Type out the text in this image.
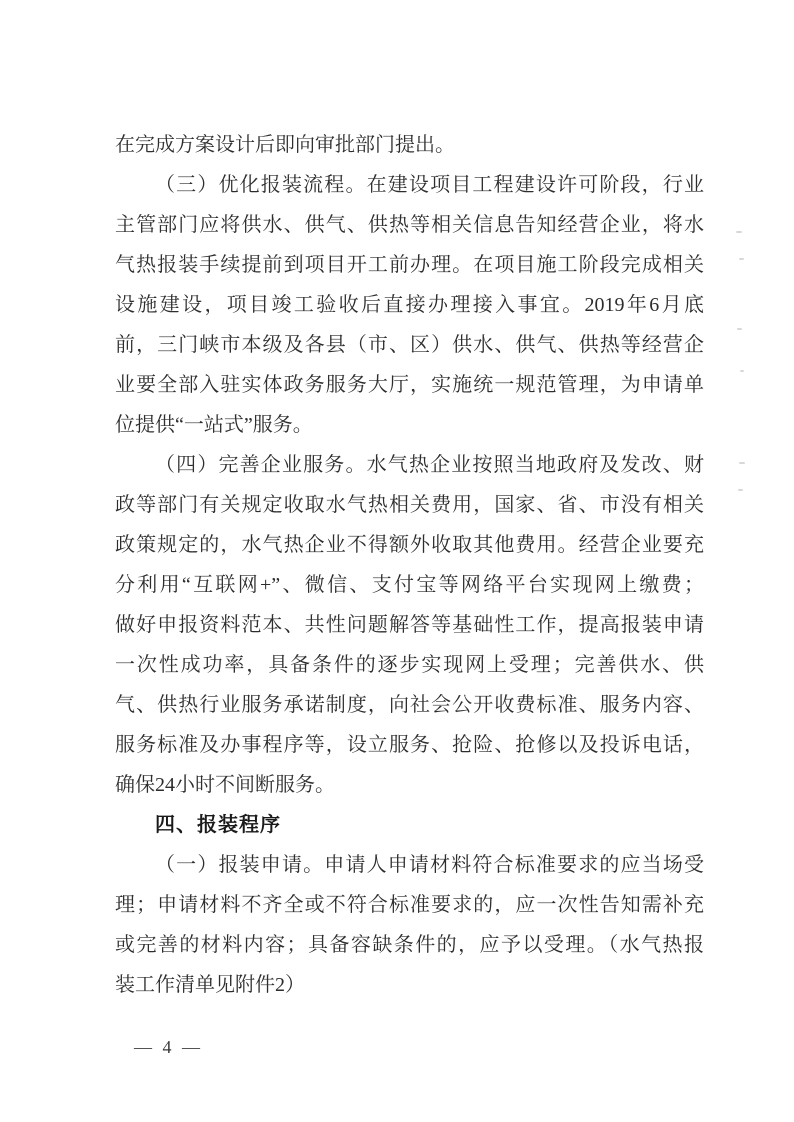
在完成方案设计后即向审批部门提出。
（三）优化报装流程。在建设项目工程建设许可阶段，行业
主管部门应将供水、供气、供热等相关信息告知经营企业，将水
气热报装手续提前到项目开工前办理。在项目施工阶段完成相关
设施建设，项目竣工验收后直接办理接入事宜。2019年6月底
前，三门峡市本级及各县（市、区）供水、供气、供热等经营企
业要全部入驻实体政务服务大厅，实施统一规范管理，为申请单
位提供“一站式”服务。
（四）完善企业服务。水气热企业按照当地政府及发改、财
政等部门有关规定收取水气热相关费用，国家、省、市没有相关
政策规定的，水气热企业不得额外收取其他费用。经营企业要充
分利用“互联网+”、微信、支付宝等网络平台实现网上缴费；
做好申报资料范本、共性问题解答等基础性工作，提高报装申请
一次性成功率，具备条件的逐步实现网上受理；完善供水、供
气、供热行业服务承诺制度，向社会公开收费标准、服务内容、
服务标准及办事程序等，设立服务、抢险、抢修以及投诉电话，
确保24小时不间断服务。
四、报装程序
（一）报装申请。申请人申请材料符合标准要求的应当场受
理；申请材料不齐全或不符合标准要求的，应一次性告知需补充
或完善的材料内容；具备容缺条件的，应予以受理。（水气热报
装工作清单见附件2）
— 4 —
